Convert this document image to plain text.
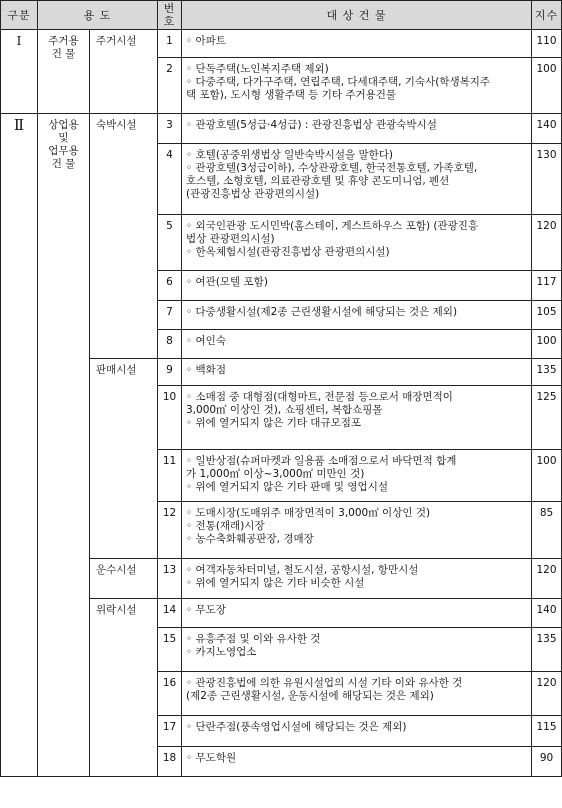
구분	용 도		번호	대 상 건 물	지수

Ⅰ	주거용
건 물	주거시설	1	◦ 아파트	110

			2	◦ 단독주택(노인복지주택 제외)
◦ 다중주택, 다가구주택, 연립주택, 다세대주택, 기숙사(학생복지주
택 포함), 도시형 생활주택 등 기타 주거용건물	100

Ⅱ	상업용
및
업무용
건 물	숙박시설	3	◦ 관광호텔(5성급·4성급) : 관광진흥법상 관광숙박시설	140

			4	◦ 호텔(공중위생법상 일반숙박시설을 말한다)
◦ 관광호텔(3성급이하), 수상관광호텔, 한국전통호텔, 가족호텔,
호스텔, 소형호텔, 의료관광호텔 및 휴양 콘도미니엄, 펜션
(관광진흥법상 관광편의시설)	130

			5	◦ 외국인관광 도시민박(홈스테이, 게스트하우스 포함) (관광진흥
법상 관광편의시설)
◦ 한옥체험시설(관광진흥법상 관광편의시설)	120

			6	◦ 여관(모텔 포함)	117

			7	◦ 다중생활시설(제2종 근린생활시설에 해당되는 것은 제외)	105

			8	◦ 여인숙	100

		판매시설	9	◦ 백화점	135

			10	◦ 소매점 중 대형점(대형마트, 전문점 등으로서 매장면적이
3,000㎡ 이상인 것), 쇼핑센터, 복합쇼핑몰
◦ 위에 열거되지 않은 기타 대규모점포	125

			11	◦ 일반상점(슈퍼마켓과 일용품 소매점으로서 바닥면적 합계
가 1,000㎡ 이상~3,000㎡ 미만인 것)
◦ 위에 열거되지 않은 기타 판매 및 영업시설	100

			12	◦ 도매시장(도매위주 매장면적이 3,000㎡ 이상인 것)
◦ 전통(재래)시장
◦ 농수축화훼공판장, 경매장	85

		운수시설	13	◦ 여객자동차터미널, 철도시설, 공항시설, 항만시설
◦ 위에 열거되지 않은 기타 비슷한 시설	120

		위락시설	14	◦ 무도장	140

			15	◦ 유흥주점 및 이와 유사한 것
◦ 카지노영업소	135

			16	◦ 관광진흥법에 의한 유원시설업의 시설 기타 이와 유사한 것
(제2종 근린생활시설, 운동시설에 해당되는 것은 제외)	120

			17	◦ 단란주점(풍속영업시설에 해당되는 것은 제외)	115

			18	◦ 무도학원	90
